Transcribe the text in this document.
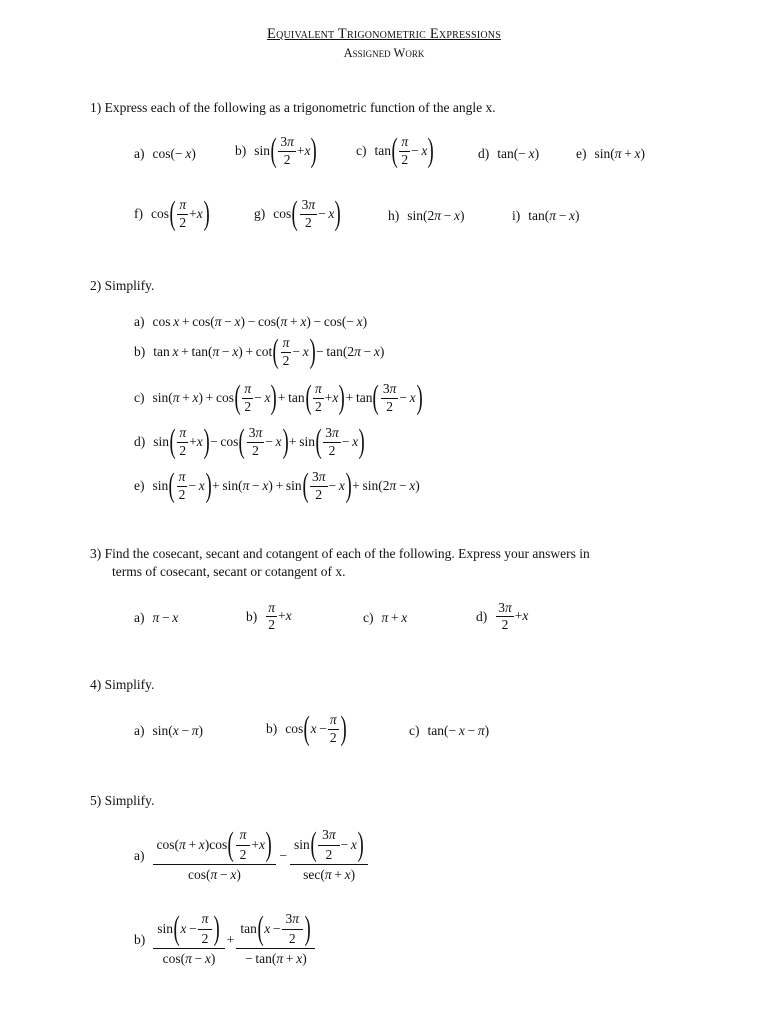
Equivalent Trigonometric Expressions
Assigned Work
1) Express each of the following as a trigonometric function of the angle x.
a) cos(− x)	b) sin ( $\frac{3\pi}{2} + x$ )	c) tan ( $\frac{\pi}{2} - x$ )	d) tan(− x)	e) sin(π + x)
f) cos ( $\frac{\pi}{2} + x$ )	g) cos ( $\frac{3\pi}{2} - x$ )	h) sin(2π − x)	i) tan(π − x)
2) Simplify.
a) cos x + cos(π − x) − cos(π + x) − cos(− x)
b) tan  x  + tan( π  −  x ) + cot ( $\frac{\pi}{2} - x$ ) − tan(2 π  −  x )
c) sin( π  +  x ) + cos ( $\frac{\pi}{2} - x$ ) + tan ( $\frac{\pi}{2} + x$ ) + tan ( $\frac{3\pi}{2} - x$ )
d) sin ( $\frac{\pi}{2} + x$ ) − cos ( $\frac{3\pi}{2} - x$ ) + sin ( $\frac{3\pi}{2} - x$ )
e) sin ( $\frac{\pi}{2} - x$ ) + sin( π  −  x ) + sin ( $\frac{3\pi}{2} - x$ ) + sin(2 π  −  x )
3) Find the cosecant, secant and cotangent of each of the following. Express your answers in
terms of cosecant, secant or cotangent of x.
a) π − x	$b) \frac{\pi}{2} +x$	c) π + x	$d) \frac{3\pi}{2} +x$
4) Simplify.
a) sin(x − π)	b) cos ( $x - \frac{\pi}{2}$ )	c) tan(− x − π)
5) Simplify.
$a) \frac{\cos( \pi + x )\cos ( \frac{\pi}{2} + x )}{\cos( \pi - x )} - \frac{\sin ( \frac{3 \pi}{2} - x )}{\sec( \pi + x )}$
$b) \frac{\sin ( x - \frac{\pi}{2} )}{\cos( \pi - x )} + \frac{\tan ( x - \frac{3 \pi}{2} )}{- \tan( \pi + x )}$
